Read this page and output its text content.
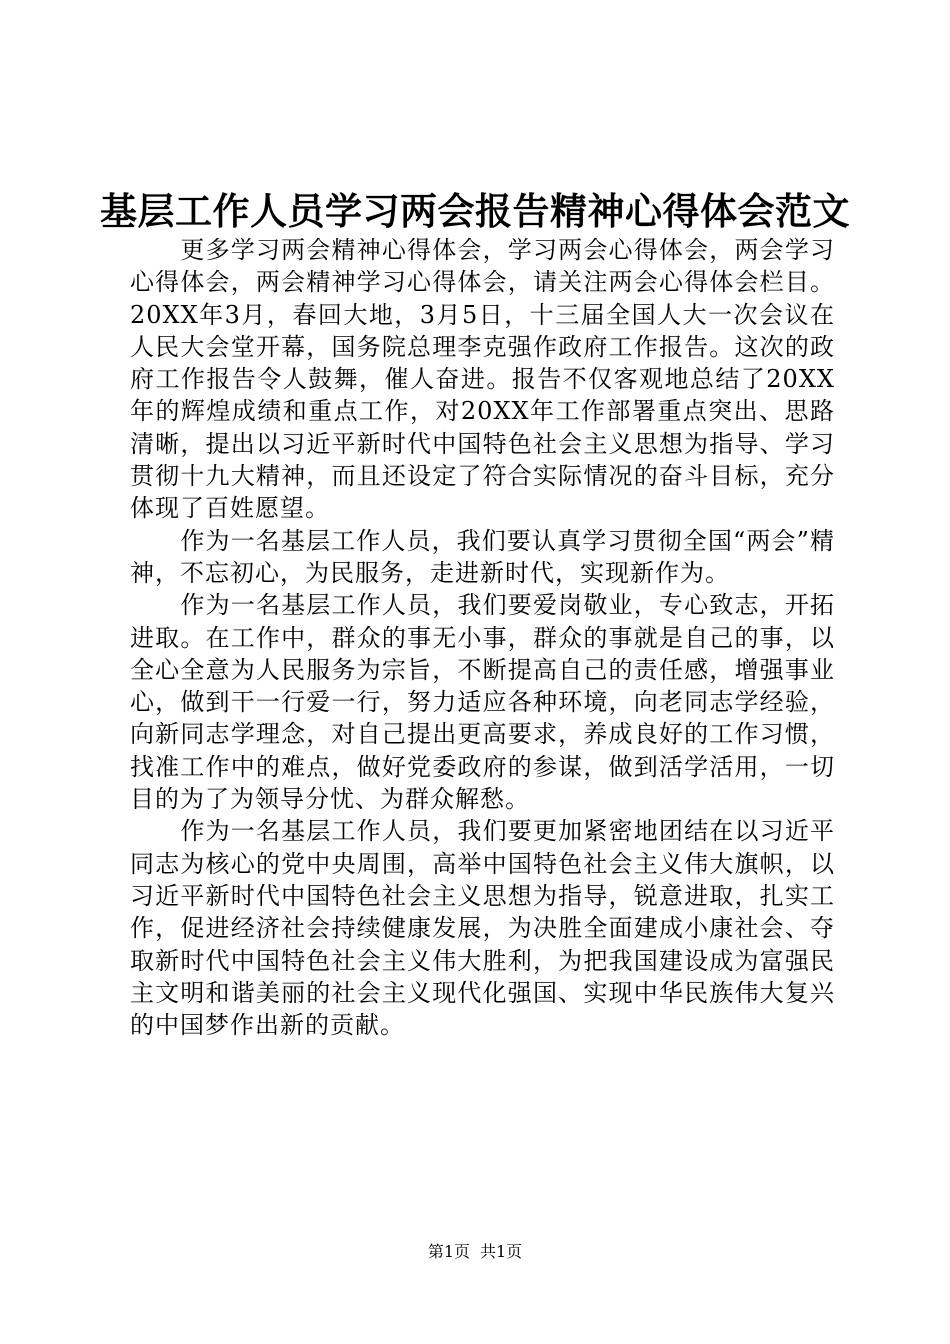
基层工作人员学习两会报告精神心得体会范文

更多学习两会精神心得体会，学习两会心得体会，两会学习心得体会，两会精神学习心得体会，请关注两会心得体会栏目。20XX年3月，春回大地，3月5日，十三届全国人大一次会议在人民大会堂开幕，国务院总理李克强作政府工作报告。这次的政府工作报告令人鼓舞，催人奋进。报告不仅客观地总结了20XX年的辉煌成绩和重点工作，对20XX年工作部署重点突出、思路清晰，提出以习近平新时代中国特色社会主义思想为指导、学习贯彻十九大精神，而且还设定了符合实际情况的奋斗目标，充分体现了百姓愿望。

作为一名基层工作人员，我们要认真学习贯彻全国“两会”精神，不忘初心，为民服务，走进新时代，实现新作为。

作为一名基层工作人员，我们要爱岗敬业，专心致志，开拓进取。在工作中，群众的事无小事，群众的事就是自己的事，以全心全意为人民服务为宗旨，不断提高自己的责任感，增强事业心，做到干一行爱一行，努力适应各种环境，向老同志学经验，向新同志学理念，对自己提出更高要求，养成良好的工作习惯，找准工作中的难点，做好党委政府的参谋，做到活学活用，一切目的为了为领导分忧、为群众解愁。

作为一名基层工作人员，我们要更加紧密地团结在以习近平同志为核心的党中央周围，高举中国特色社会主义伟大旗帜，以习近平新时代中国特色社会主义思想为指导，锐意进取，扎实工作，促进经济社会持续健康发展，为决胜全面建成小康社会、夺取新时代中国特色社会主义伟大胜利，为把我国建设成为富强民主文明和谐美丽的社会主义现代化强国、实现中华民族伟大复兴的中国梦作出新的贡献。

第1页 共1页
